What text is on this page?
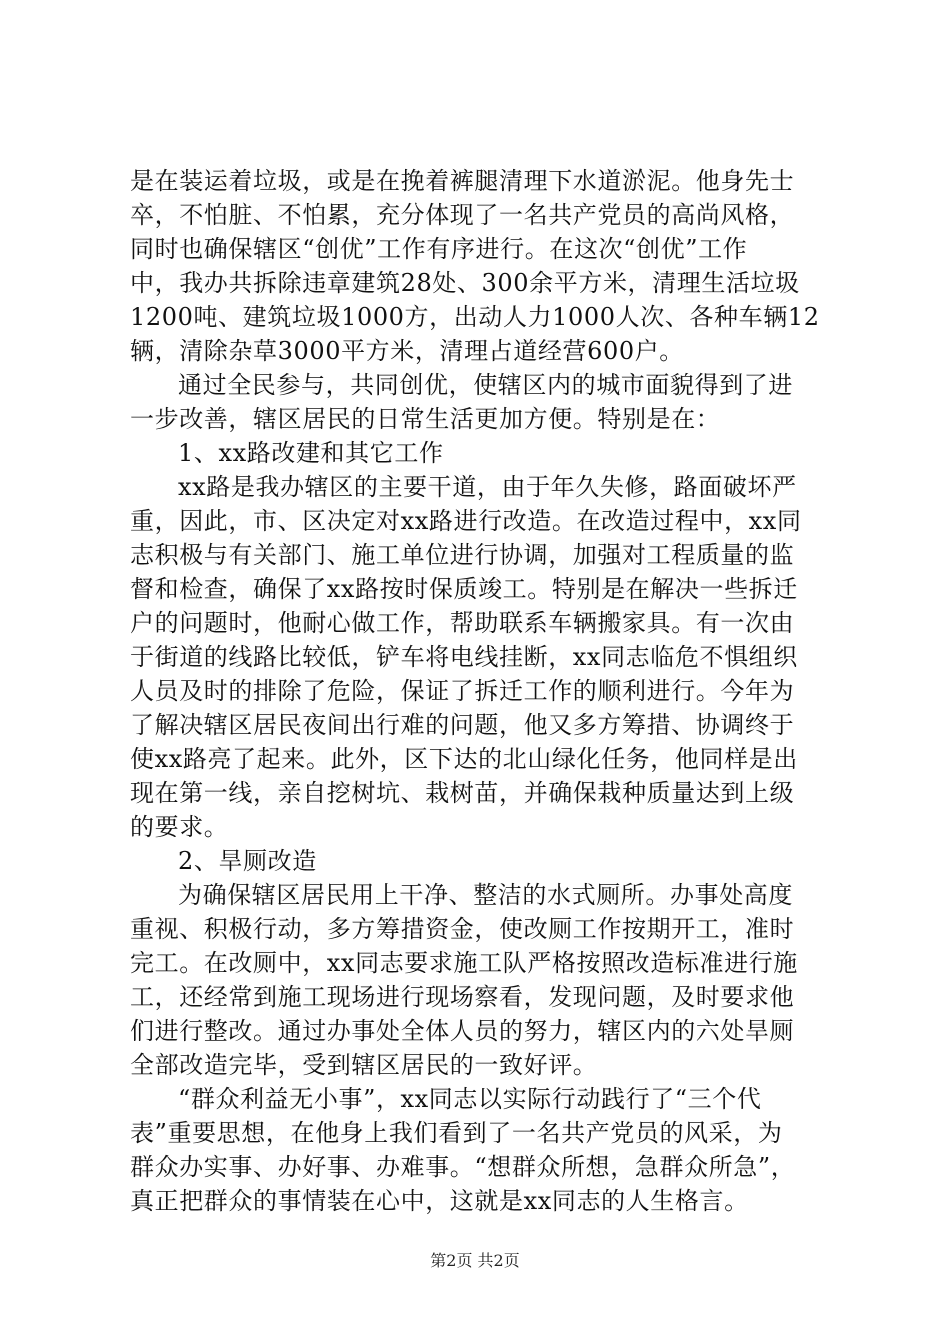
是在装运着垃圾，或是在挽着裤腿清理下水道淤泥。他身先士
卒，不怕脏、不怕累，充分体现了一名共产党员的高尚风格，
同时也确保辖区“创优”工作有序进行。在这次“创优”工作
中，我办共拆除违章建筑28处、300余平方米，清理生活垃圾
1200吨、建筑垃圾1000方，出动人力1000人次、各种车辆12
辆，清除杂草3000平方米，清理占道经营600户。
通过全民参与，共同创优，使辖区内的城市面貌得到了进
一步改善，辖区居民的日常生活更加方便。特别是在：
1、xx路改建和其它工作
xx路是我办辖区的主要干道，由于年久失修，路面破坏严
重，因此，市、区决定对xx路进行改造。在改造过程中，xx同
志积极与有关部门、施工单位进行协调，加强对工程质量的监
督和检查，确保了xx路按时保质竣工。特别是在解决一些拆迁
户的问题时，他耐心做工作，帮助联系车辆搬家具。有一次由
于街道的线路比较低，铲车将电线挂断，xx同志临危不惧组织
人员及时的排除了危险，保证了拆迁工作的顺利进行。今年为
了解决辖区居民夜间出行难的问题，他又多方筹措、协调终于
使xx路亮了起来。此外，区下达的北山绿化任务，他同样是出
现在第一线，亲自挖树坑、栽树苗，并确保栽种质量达到上级
的要求。
2、旱厕改造
为确保辖区居民用上干净、整洁的水式厕所。办事处高度
重视、积极行动，多方筹措资金，使改厕工作按期开工，准时
完工。在改厕中，xx同志要求施工队严格按照改造标准进行施
工，还经常到施工现场进行现场察看，发现问题，及时要求他
们进行整改。通过办事处全体人员的努力，辖区内的六处旱厕
全部改造完毕，受到辖区居民的一致好评。
“群众利益无小事”，xx同志以实际行动践行了“三个代
表”重要思想，在他身上我们看到了一名共产党员的风采，为
群众办实事、办好事、办难事。“想群众所想，急群众所急”，
真正把群众的事情装在心中，这就是xx同志的人生格言。
第2页 共2页
